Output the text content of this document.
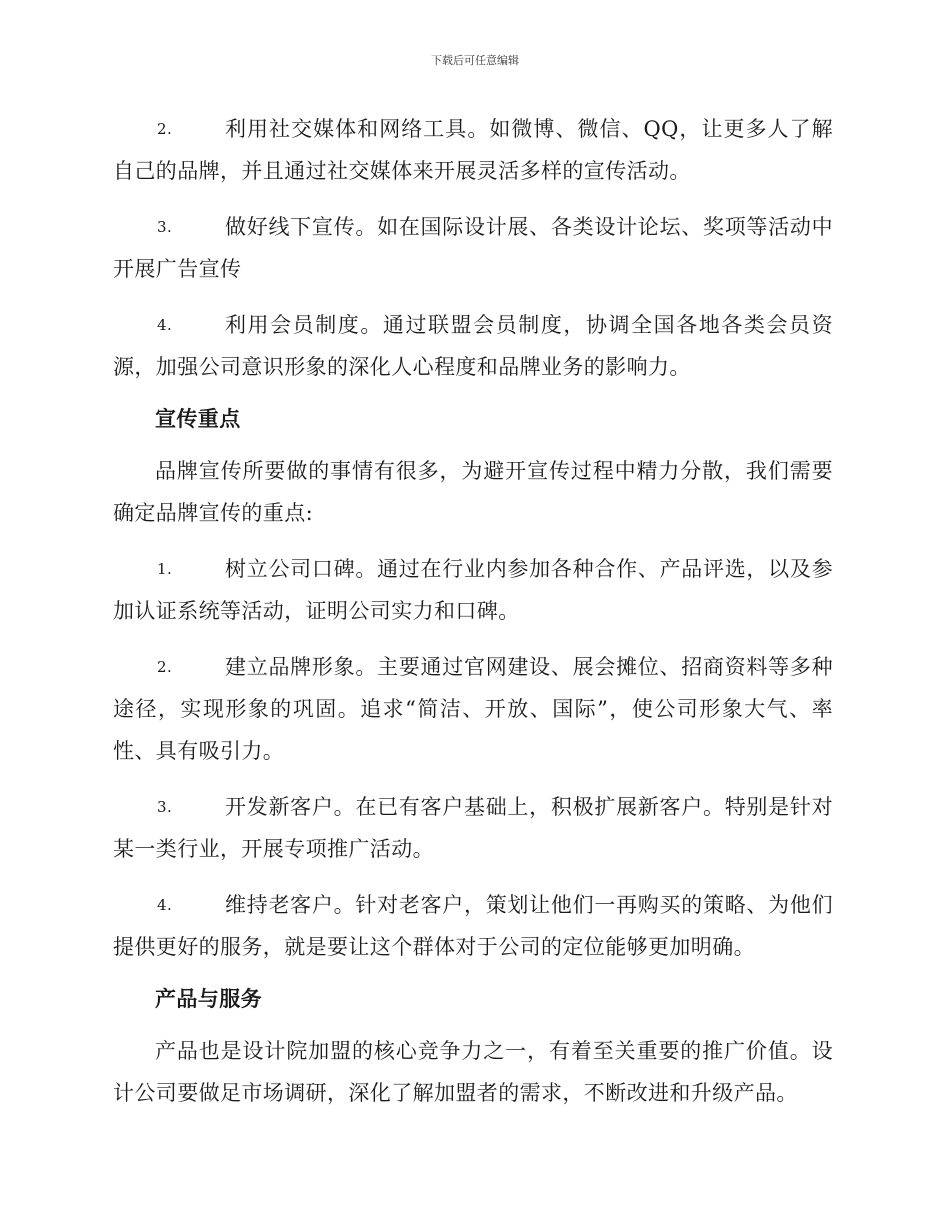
下载后可任意编辑

2.	利用社交媒体和网络工具。如微博、微信、QQ，让更多人了解自己的品牌，并且通过社交媒体来开展灵活多样的宣传活动。

3.	做好线下宣传。如在国际设计展、各类设计论坛、奖项等活动中开展广告宣传

4.	利用会员制度。通过联盟会员制度，协调全国各地各类会员资源，加强公司意识形象的深化人心程度和品牌业务的影响力。

宣传重点

品牌宣传所要做的事情有很多，为避开宣传过程中精力分散，我们需要确定品牌宣传的重点:

1.	树立公司口碑。通过在行业内参加各种合作、产品评选，以及参加认证系统等活动，证明公司实力和口碑。

2.	建立品牌形象。主要通过官网建设、展会摊位、招商资料等多种途径，实现形象的巩固。追求“简洁、开放、国际”，使公司形象大气、率性、具有吸引力。

3.	开发新客户。在已有客户基础上，积极扩展新客户。特别是针对某一类行业，开展专项推广活动。

4.	维持老客户。针对老客户，策划让他们一再购买的策略、为他们提供更好的服务，就是要让这个群体对于公司的定位能够更加明确。

产品与服务

产品也是设计院加盟的核心竞争力之一，有着至关重要的推广价值。设计公司要做足市场调研，深化了解加盟者的需求，不断改进和升级产品。
